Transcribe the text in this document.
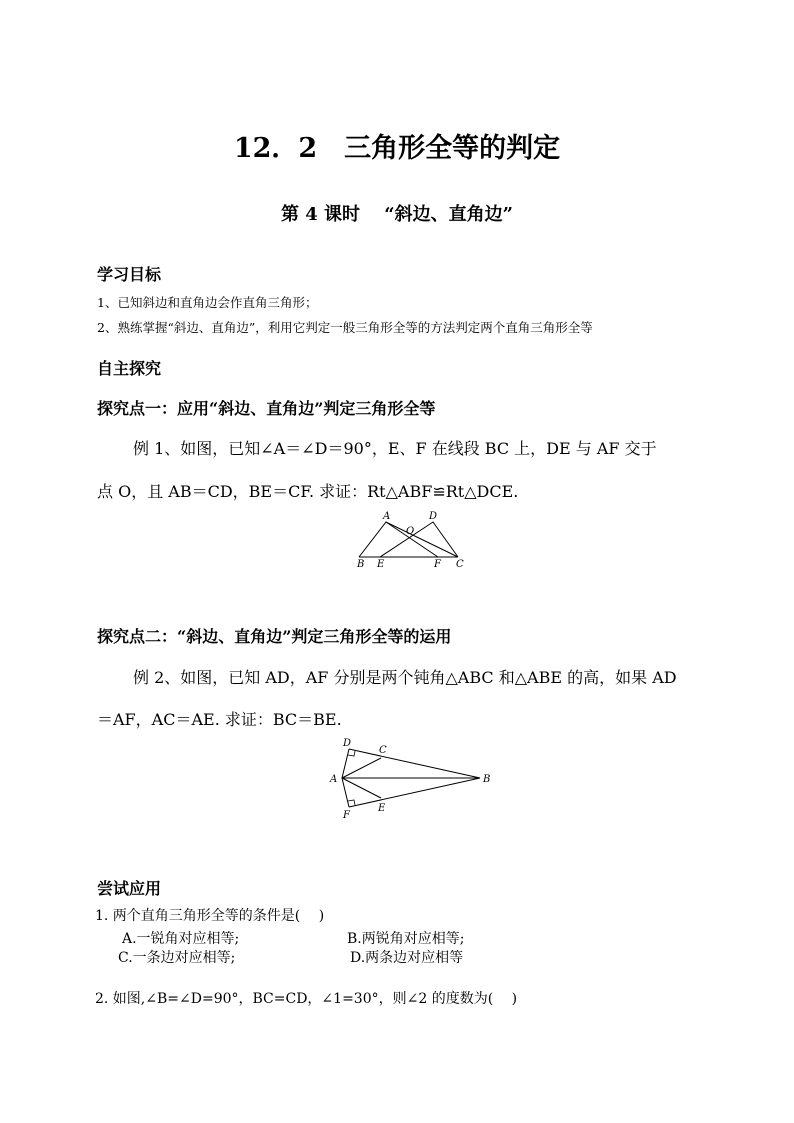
12．2　三角形全等的判定
第 4 课时　 “斜边、直角边”
学习目标
1、已知斜边和直角边会作直角三角形；
2、熟练掌握“斜边、直角边”，利用它判定一般三角形全等的方法判定两个直角三角形全等
自主探究
探究点一：应用“斜边、直角边”判定三角形全等
例 1、如图，已知∠A＝∠D＝90°，E、F 在线段 BC 上，DE 与 AF 交于
点 O，且 AB＝CD，BE＝CF. 求证：Rt△ABF≌Rt△DCE.
A
O
D
B E	F C
探究点二：“斜边、直角边”判定三角形全等的运用
例 2、如图，已知 AD，AF 分别是两个钝角△ABC 和△ABE 的高，如果 AD
＝AF，AC＝AE. 求证：BC＝BE.
D
C
A	B
F
E
尝试应用
1. 两个直角三角形全等的条件是(　 )
A.一锐角对应相等;	B.两锐角对应相等;
C.一条边对应相等;	D.两条边对应相等
2. 如图,∠B=∠D=90°，BC=CD，∠1=30°，则∠2 的度数为(　 )
